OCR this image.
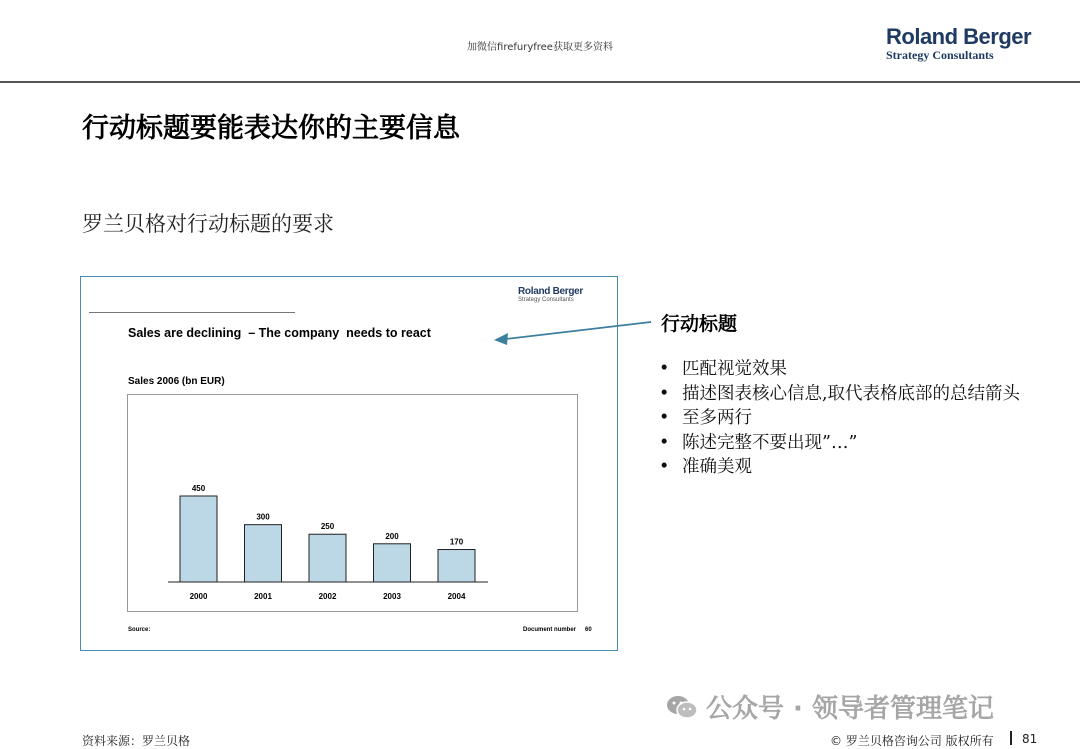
加微信firefuryfree获取更多资料	Roland Berger
Strategy Consultants
行动标题要能表达你的主要信息
罗兰贝格对行动标题的要求
Roland Berger
Strategy Consultants
Sales are declining  – The company  needs to react
Sales 2006 (bn EUR)
450
2000
300
2001
250
2002
200
2003
170
2004
Source:	Document number 60
行动标题
• 匹配视觉效果
• 描述图表核心信息,取代表格底部的总结箭头
• 至多两行
• 陈述完整不要出现”…”
• 准确美观
公众号 · 领导者管理笔记
资料来源：罗兰贝格	© 罗兰贝格咨询公司 版权所有 81
